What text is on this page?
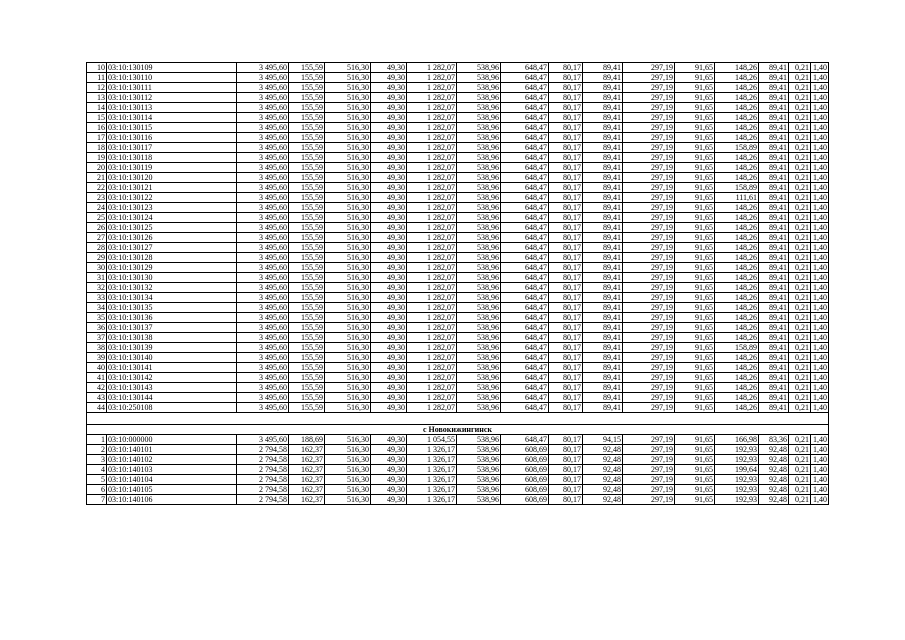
10	03:10:130109	3 495,60	155,59	516,30	49,30	1 282,07	538,96	648,47	80,17	89,41	297,19	91,65	148,26	89,41	0,21	1,40
11	03:10:130110	3 495,60	155,59	516,30	49,30	1 282,07	538,96	648,47	80,17	89,41	297,19	91,65	148,26	89,41	0,21	1,40
12	03:10:130111	3 495,60	155,59	516,30	49,30	1 282,07	538,96	648,47	80,17	89,41	297,19	91,65	148,26	89,41	0,21	1,40
13	03:10:130112	3 495,60	155,59	516,30	49,30	1 282,07	538,96	648,47	80,17	89,41	297,19	91,65	148,26	89,41	0,21	1,40
14	03:10:130113	3 495,60	155,59	516,30	49,30	1 282,07	538,96	648,47	80,17	89,41	297,19	91,65	148,26	89,41	0,21	1,40
15	03:10:130114	3 495,60	155,59	516,30	49,30	1 282,07	538,96	648,47	80,17	89,41	297,19	91,65	148,26	89,41	0,21	1,40
16	03:10:130115	3 495,60	155,59	516,30	49,30	1 282,07	538,96	648,47	80,17	89,41	297,19	91,65	148,26	89,41	0,21	1,40
17	03:10:130116	3 495,60	155,59	516,30	49,30	1 282,07	538,96	648,47	80,17	89,41	297,19	91,65	148,26	89,41	0,21	1,40
18	03:10:130117	3 495,60	155,59	516,30	49,30	1 282,07	538,96	648,47	80,17	89,41	297,19	91,65	158,89	89,41	0,21	1,40
19	03:10:130118	3 495,60	155,59	516,30	49,30	1 282,07	538,96	648,47	80,17	89,41	297,19	91,65	148,26	89,41	0,21	1,40
20	03:10:130119	3 495,60	155,59	516,30	49,30	1 282,07	538,96	648,47	80,17	89,41	297,19	91,65	148,26	89,41	0,21	1,40
21	03:10:130120	3 495,60	155,59	516,30	49,30	1 282,07	538,96	648,47	80,17	89,41	297,19	91,65	148,26	89,41	0,21	1,40
22	03:10:130121	3 495,60	155,59	516,30	49,30	1 282,07	538,96	648,47	80,17	89,41	297,19	91,65	158,89	89,41	0,21	1,40
23	03:10:130122	3 495,60	155,59	516,30	49,30	1 282,07	538,96	648,47	80,17	89,41	297,19	91,65	111,61	89,41	0,21	1,40
24	03:10:130123	3 495,60	155,59	516,30	49,30	1 282,07	538,96	648,47	80,17	89,41	297,19	91,65	148,26	89,41	0,21	1,40
25	03:10:130124	3 495,60	155,59	516,30	49,30	1 282,07	538,96	648,47	80,17	89,41	297,19	91,65	148,26	89,41	0,21	1,40
26	03:10:130125	3 495,60	155,59	516,30	49,30	1 282,07	538,96	648,47	80,17	89,41	297,19	91,65	148,26	89,41	0,21	1,40
27	03:10:130126	3 495,60	155,59	516,30	49,30	1 282,07	538,96	648,47	80,17	89,41	297,19	91,65	148,26	89,41	0,21	1,40
28	03:10:130127	3 495,60	155,59	516,30	49,30	1 282,07	538,96	648,47	80,17	89,41	297,19	91,65	148,26	89,41	0,21	1,40
29	03:10:130128	3 495,60	155,59	516,30	49,30	1 282,07	538,96	648,47	80,17	89,41	297,19	91,65	148,26	89,41	0,21	1,40
30	03:10:130129	3 495,60	155,59	516,30	49,30	1 282,07	538,96	648,47	80,17	89,41	297,19	91,65	148,26	89,41	0,21	1,40
31	03:10:130130	3 495,60	155,59	516,30	49,30	1 282,07	538,96	648,47	80,17	89,41	297,19	91,65	148,26	89,41	0,21	1,40
32	03:10:130132	3 495,60	155,59	516,30	49,30	1 282,07	538,96	648,47	80,17	89,41	297,19	91,65	148,26	89,41	0,21	1,40
33	03:10:130134	3 495,60	155,59	516,30	49,30	1 282,07	538,96	648,47	80,17	89,41	297,19	91,65	148,26	89,41	0,21	1,40
34	03:10:130135	3 495,60	155,59	516,30	49,30	1 282,07	538,96	648,47	80,17	89,41	297,19	91,65	148,26	89,41	0,21	1,40
35	03:10:130136	3 495,60	155,59	516,30	49,30	1 282,07	538,96	648,47	80,17	89,41	297,19	91,65	148,26	89,41	0,21	1,40
36	03:10:130137	3 495,60	155,59	516,30	49,30	1 282,07	538,96	648,47	80,17	89,41	297,19	91,65	148,26	89,41	0,21	1,40
37	03:10:130138	3 495,60	155,59	516,30	49,30	1 282,07	538,96	648,47	80,17	89,41	297,19	91,65	148,26	89,41	0,21	1,40
38	03:10:130139	3 495,60	155,59	516,30	49,30	1 282,07	538,96	648,47	80,17	89,41	297,19	91,65	158,89	89,41	0,21	1,40
39	03:10:130140	3 495,60	155,59	516,30	49,30	1 282,07	538,96	648,47	80,17	89,41	297,19	91,65	148,26	89,41	0,21	1,40
40	03:10:130141	3 495,60	155,59	516,30	49,30	1 282,07	538,96	648,47	80,17	89,41	297,19	91,65	148,26	89,41	0,21	1,40
41	03:10:130142	3 495,60	155,59	516,30	49,30	1 282,07	538,96	648,47	80,17	89,41	297,19	91,65	148,26	89,41	0,21	1,40
42	03:10:130143	3 495,60	155,59	516,30	49,30	1 282,07	538,96	648,47	80,17	89,41	297,19	91,65	148,26	89,41	0,21	1,40
43	03:10:130144	3 495,60	155,59	516,30	49,30	1 282,07	538,96	648,47	80,17	89,41	297,19	91,65	148,26	89,41	0,21	1,40
44	03:10:250108	3 495,60	155,59	516,30	49,30	1 282,07	538,96	648,47	80,17	89,41	297,19	91,65	148,26	89,41	0,21	1,40

с Новокижингинск																
1	03:10:000000	3 495,60	188,69	516,30	49,30	1 054,55	538,96	648,47	80,17	94,15	297,19	91,65	166,98	83,36	0,21	1,40
2	03:10:140101	2 794,58	162,37	516,30	49,30	1 326,17	538,96	608,69	80,17	92,48	297,19	91,65	192,93	92,48	0,21	1,40
3	03:10:140102	2 794,58	162,37	516,30	49,30	1 326,17	538,96	608,69	80,17	92,48	297,19	91,65	192,93	92,48	0,21	1,40
4	03:10:140103	2 794,58	162,37	516,30	49,30	1 326,17	538,96	608,69	80,17	92,48	297,19	91,65	199,64	92,48	0,21	1,40
5	03:10:140104	2 794,58	162,37	516,30	49,30	1 326,17	538,96	608,69	80,17	92,48	297,19	91,65	192,93	92,48	0,21	1,40
6	03:10:140105	2 794,58	162,37	516,30	49,30	1 326,17	538,96	608,69	80,17	92,48	297,19	91,65	192,93	92,48	0,21	1,40
7	03:10:140106	2 794,58	162,37	516,30	49,30	1 326,17	538,96	608,69	80,17	92,48	297,19	91,65	192,93	92,48	0,21	1,40
